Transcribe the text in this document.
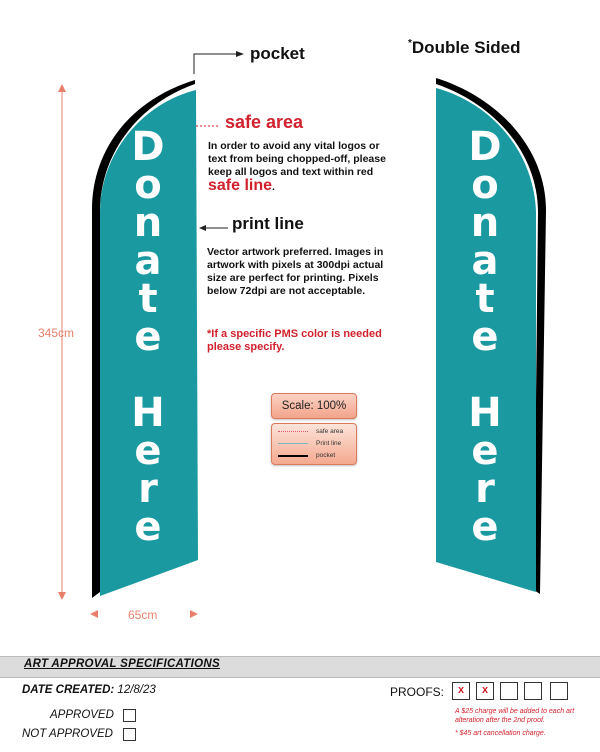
D
o
n
a
t
e

H
e
r
e
D
o
n
a
t
e

H
e
r
e
pocket
*Double Sided
safe area
In order to avoid any vital logos or text from being chopped-off, please keep all logos and text within red safe line.
print line
Vector artwork preferred. Images in artwork with pixels at 300dpi actual size are perfect for printing. Pixels below 72dpi are not acceptable.
*If a specific PMS color is needed please specify.
345cm
65cm
Scale: 100%
safe area
Print line
pocket
ART APPROVAL SPECIFICATIONS
DATE CREATED: 12/8/23
APPROVED
NOT APPROVED
PROOFS:	x	x
A $25 charge will be added to each art alteration after the 2nd proof.
* $45 art cancellation charge.
